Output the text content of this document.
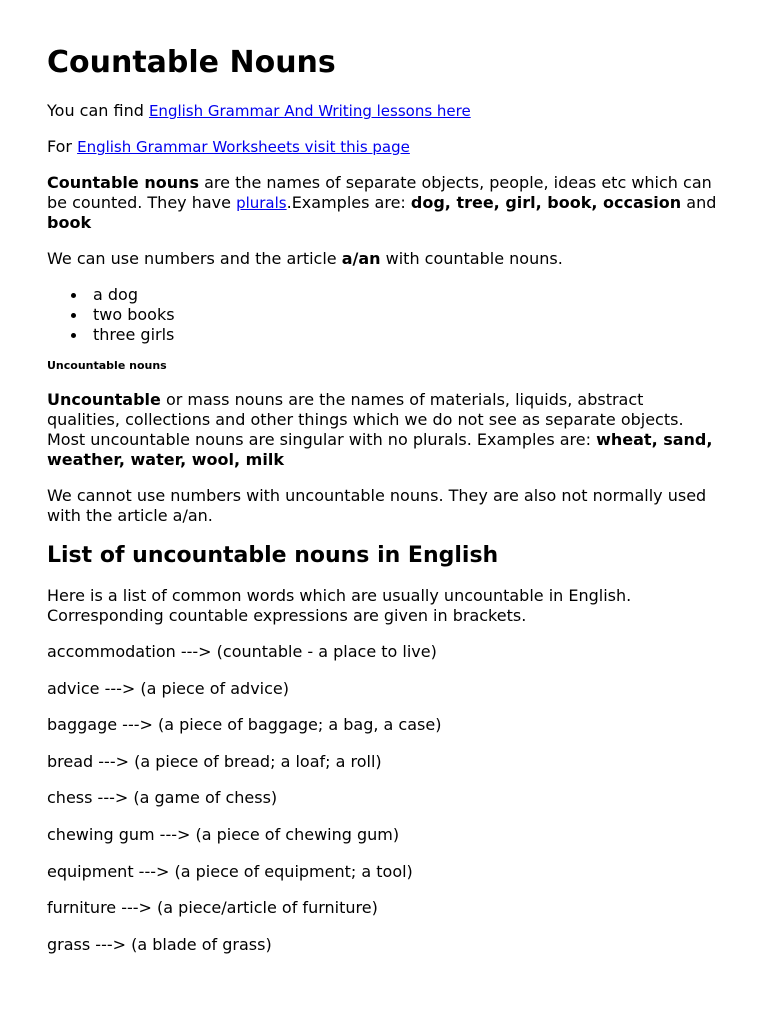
Countable Nouns

You can find English Grammar And Writing lessons here

For English Grammar Worksheets visit this page

Countable nouns are the names of separate objects, people, ideas etc which can be counted. They have plurals.Examples are: dog, tree, girl, book, occasion and book

We can use numbers and the article a/an with countable nouns.

a dog
two books
three girls
Uncountable nouns

Uncountable or mass nouns are the names of materials, liquids, abstract qualities, collections and other things which we do not see as separate objects. Most uncountable nouns are singular with no plurals. Examples are: wheat, sand, weather, water, wool, milk

We cannot use numbers with uncountable nouns. They are also not normally used with the article a/an.

List of uncountable nouns in English

Here is a list of common words which are usually uncountable in English. Corresponding countable expressions are given in brackets.

accommodation ---> (countable - a place to live)

advice ---> (a piece of advice)

baggage ---> (a piece of baggage; a bag, a case)

bread ---> (a piece of bread; a loaf; a roll)

chess ---> (a game of chess)

chewing gum ---> (a piece of chewing gum)

equipment ---> (a piece of equipment; a tool)

furniture ---> (a piece/article of furniture)

grass ---> (a blade of grass)
